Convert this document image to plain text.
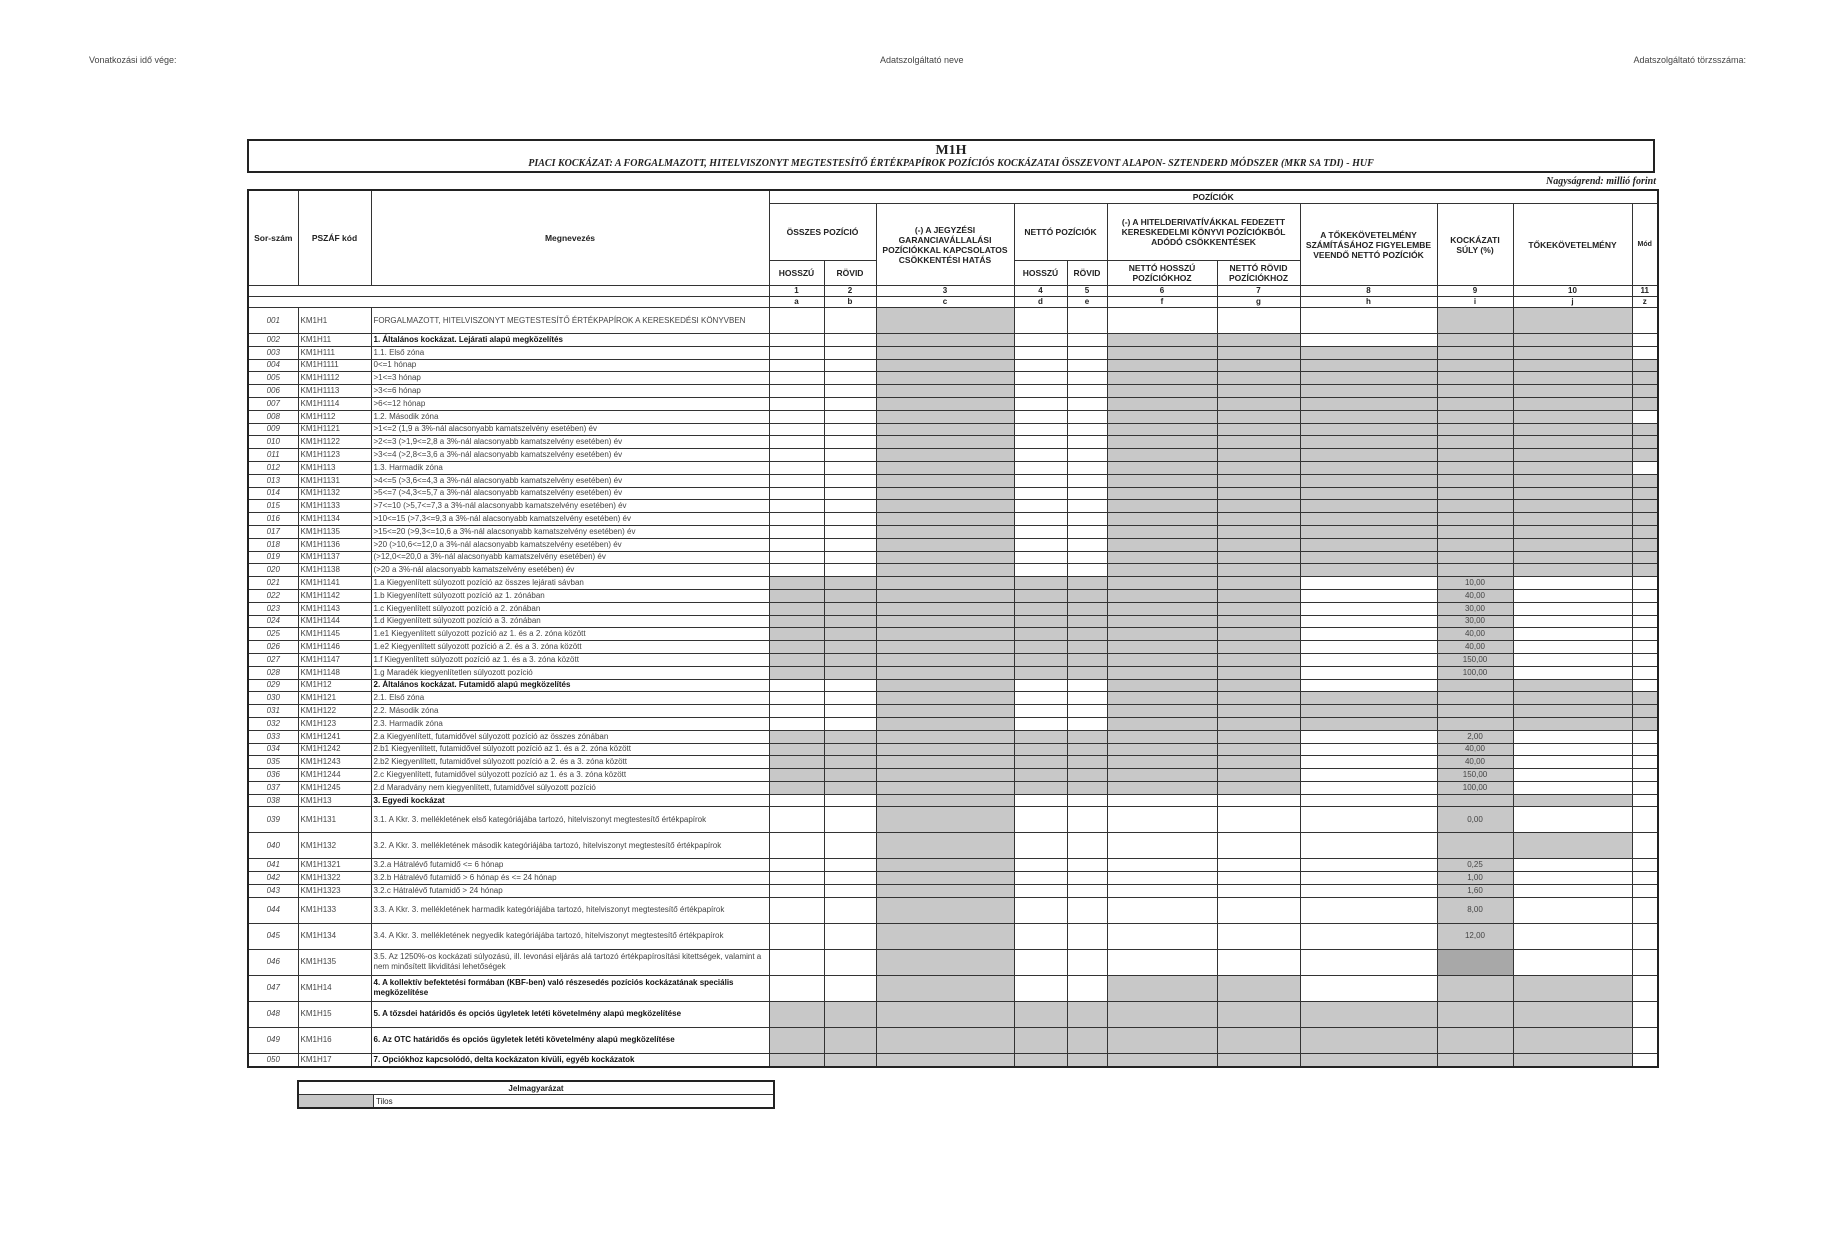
Vonatkozási idő vége:	Adatszolgáltató neve	Adatszolgáltató törzsszáma:
M1H
PIACI KOCKÁZAT: A FORGALMAZOTT, HITELVISZONYT MEGTESTESÍTŐ ÉRTÉKPAPÍROK POZÍCIÓS KOCKÁZATAI ÖSSZEVONT ALAPON- SZTENDERD MÓDSZER (MKR SA TDI) - HUF
Nagyságrend: millió forint
Sor-szám	PSZÁF kód	Megnevezés	POZÍCIÓK										
			ÖSSZES POZÍCIÓ		(-) A JEGYZÉSI GARANCIAVÁLLALÁSI POZÍCIÓKKAL KAPCSOLATOS CSÖKKENTÉSI HATÁS	NETTÓ POZÍCIÓK		(-) A HITELDERIVATÍVÁKKAL FEDEZETT KERESKEDELMI KÖNYVI POZÍCIÓKBÓL ADÓDÓ CSÖKKENTÉSEK		A TŐKEKÖVETELMÉNY SZÁMÍTÁSÁHOZ FIGYELEMBE VEENDŐ NETTÓ POZÍCIÓK	KOCKÁZATI SÚLY (%)	TŐKEKÖVETELMÉNY	Mód
			HOSSZÚ	RÖVID		HOSSZÚ	RÖVID	NETTÓ HOSSZÚ POZÍCIÓKHOZ	NETTÓ RÖVID POZÍCIÓKHOZ				
			1	2	3	4	5	6	7	8	9	10	11
			a	b	c	d	e	f	g	h	i	j	z
001	KM1H1	FORGALMAZOTT, HITELVISZONYT MEGTESTESÍTŐ ÉRTÉKPAPÍROK A KERESKEDÉSI KÖNYVBEN											
002	KM1H11	1. Általános kockázat. Lejárati alapú megközelítés											
003	KM1H111	1.1. Első zóna											
004	KM1H1111	0<=1 hónap											
005	KM1H1112	>1<=3 hónap											
006	KM1H1113	>3<=6 hónap											
007	KM1H1114	>6<=12 hónap											
008	KM1H112	1.2. Második zóna											
009	KM1H1121	>1<=2 (1,9 a 3%-nál alacsonyabb kamatszelvény esetében) év											
010	KM1H1122	>2<=3 (>1,9<=2,8 a 3%-nál alacsonyabb kamatszelvény esetében) év											
011	KM1H1123	>3<=4 (>2,8<=3,6 a 3%-nál alacsonyabb kamatszelvény esetében) év											
012	KM1H113	1.3. Harmadik zóna											
013	KM1H1131	>4<=5 (>3,6<=4,3 a 3%-nál alacsonyabb kamatszelvény esetében) év											
014	KM1H1132	>5<=7 (>4,3<=5,7 a 3%-nál alacsonyabb kamatszelvény esetében) év											
015	KM1H1133	>7<=10 (>5,7<=7,3 a 3%-nál alacsonyabb kamatszelvény esetében) év											
016	KM1H1134	>10<=15 (>7,3<=9,3 a 3%-nál alacsonyabb kamatszelvény esetében) év											
017	KM1H1135	>15<=20 (>9,3<=10,6 a 3%-nál alacsonyabb kamatszelvény esetében) év											
018	KM1H1136	>20 (>10,6<=12,0 a 3%-nál alacsonyabb kamatszelvény esetében) év											
019	KM1H1137	(>12,0<=20,0 a 3%-nál alacsonyabb kamatszelvény esetében) év											
020	KM1H1138	(>20 a 3%-nál alacsonyabb kamatszelvény esetében) év											
021	KM1H1141	1.a Kiegyenlített súlyozott pozíció az összes lejárati sávban									10,00		
022	KM1H1142	1.b Kiegyenlített súlyozott pozíció az 1. zónában									40,00		
023	KM1H1143	1.c Kiegyenlített súlyozott pozíció a 2. zónában									30,00		
024	KM1H1144	1.d Kiegyenlített súlyozott pozíció a 3. zónában									30,00		
025	KM1H1145	1.e1 Kiegyenlített súlyozott pozíció az 1. és a 2. zóna között									40,00		
026	KM1H1146	1.e2 Kiegyenlített súlyozott pozíció a 2. és a 3. zóna között									40,00		
027	KM1H1147	1.f Kiegyenlített súlyozott pozíció az 1. és a 3. zóna között									150,00		
028	KM1H1148	1.g Maradék kiegyenlítetlen súlyozott pozíció									100,00		
029	KM1H12	2. Általános kockázat. Futamidő alapú megközelítés											
030	KM1H121	2.1. Első zóna											
031	KM1H122	2.2. Második zóna											
032	KM1H123	2.3. Harmadik zóna											
033	KM1H1241	2.a Kiegyenlített, futamidővel súlyozott pozíció az összes zónában									2,00		
034	KM1H1242	2.b1 Kiegyenlített, futamidővel súlyozott pozíció az 1. és a 2. zóna között									40,00		
035	KM1H1243	2.b2 Kiegyenlített, futamidővel súlyozott pozíció a 2. és a 3. zóna között									40,00		
036	KM1H1244	2.c Kiegyenlített, futamidővel súlyozott pozíció az 1. és a 3. zóna között									150,00		
037	KM1H1245	2.d Maradvány nem kiegyenlített, futamidővel súlyozott pozíció									100,00		
038	KM1H13	3. Egyedi kockázat											
039	KM1H131	3.1. A Kkr. 3. mellékletének első kategóriájába tartozó, hitelviszonyt megtestesítő értékpapírok									0,00		
040	KM1H132	3.2. A Kkr. 3. mellékletének második kategóriájába tartozó, hitelviszonyt megtestesítő értékpapírok											
041	KM1H1321	3.2.a Hátralévő futamidő <= 6 hónap									0,25		
042	KM1H1322	3.2.b Hátralévő futamidő > 6 hónap és <= 24 hónap									1,00		
043	KM1H1323	3.2.c Hátralévő futamidő > 24 hónap									1,60		
044	KM1H133	3.3. A Kkr. 3. mellékletének harmadik kategóriájába tartozó, hitelviszonyt megtestesítő értékpapírok									8,00		
045	KM1H134	3.4. A Kkr. 3. mellékletének negyedik kategóriájába tartozó, hitelviszonyt megtestesítő értékpapírok									12,00		
046	KM1H135	3.5. Az 1250%-os kockázati súlyozású, ill. levonási eljárás alá tartozó értékpapírosítási kitettségek, valamint a nem minősített likviditási lehetőségek											
047	KM1H14	4. A kollektív befektetési formában (KBF-ben) való részesedés pozíciós kockázatának speciális megközelítése											
048	KM1H15	5. A tőzsdei határidős és opciós ügyletek letéti követelmény alapú megközelítése											
049	KM1H16	6. Az OTC határidős és opciós ügyletek letéti követelmény alapú megközelítése											
050	KM1H17	7. Opciókhoz kapcsolódó, delta kockázaton kívüli, egyéb kockázatok											
Jelmagyarázat
	Tilos
